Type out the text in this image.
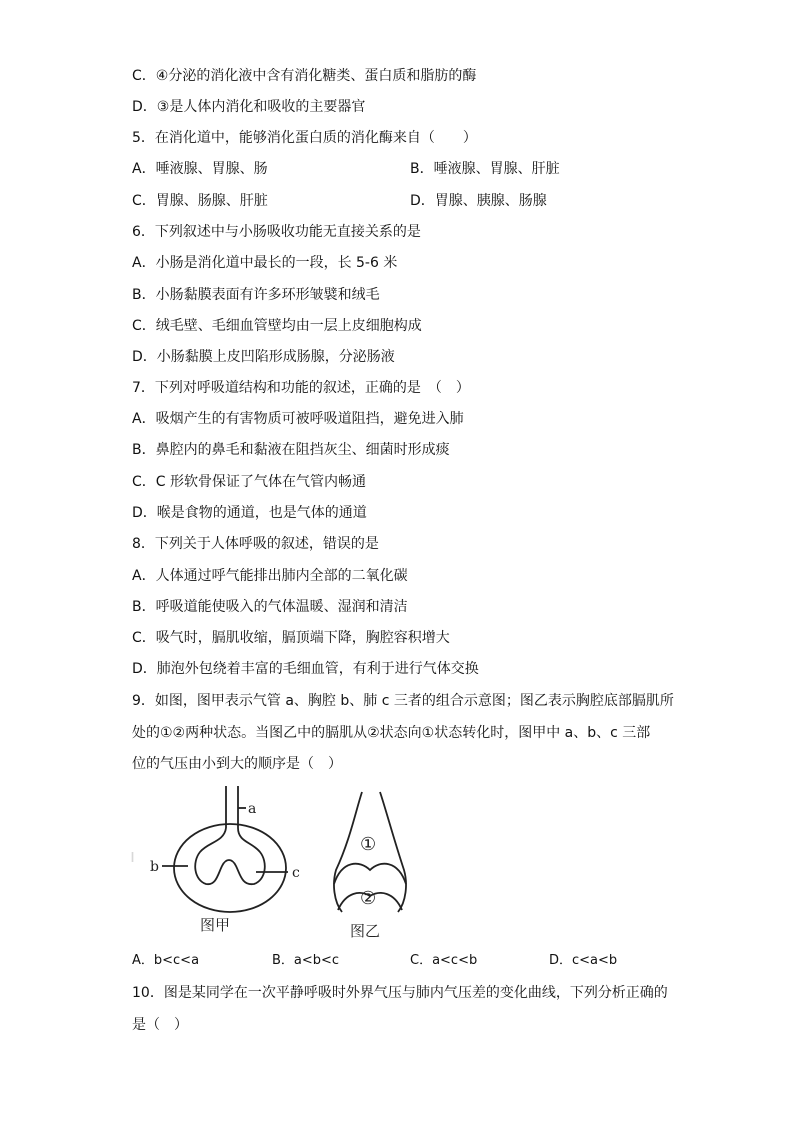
C．④分泌的消化液中含有消化糖类、蛋白质和脂肪的酶
D．③是人体内消化和吸收的主要器官
5．在消化道中，能够消化蛋白质的消化酶来自（　　）
A．唾液腺、胃腺、肠	B．唾液腺、胃腺、肝脏
C．胃腺、肠腺、肝脏	D．胃腺、胰腺、肠腺
6．下列叙述中与小肠吸收功能无直接关系的是
A．小肠是消化道中最长的一段，长 5-6 米
B．小肠黏膜表面有许多环形皱襞和绒毛
C．绒毛壁、毛细血管壁均由一层上皮细胞构成
D．小肠黏膜上皮凹陷形成肠腺，分泌肠液
7．下列对呼吸道结构和功能的叙述，正确的是　（　）
A．吸烟产生的有害物质可被呼吸道阻挡，避免进入肺
B．鼻腔内的鼻毛和黏液在阻挡灰尘、细菌时形成痰
C．C 形软骨保证了气体在气管内畅通
D．喉是食物的通道，也是气体的通道
8．下列关于人体呼吸的叙述，错误的是
A．人体通过呼气能排出肺内全部的二氧化碳
B．呼吸道能使吸入的气体温暖、湿润和清洁
C．吸气时，膈肌收缩，膈顶端下降，胸腔容积增大
D．肺泡外包绕着丰富的毛细血管，有利于进行气体交换
9．如图，图甲表示气管 a、胸腔 b、肺 c 三者的组合示意图；图乙表示胸腔底部膈肌所
处的①②两种状态。当图乙中的膈肌从②状态向①状态转化时，图甲中 a、b、c 三部
位的气压由小到大的顺序是（　）
ı
a
b	c
图甲
①
②
图乙
A．b<c<a	B．a<b<c	C．a<c<b	D．c<a<b
10．图是某同学在一次平静呼吸时外界气压与肺内气压差的变化曲线，下列分析正确的
是（　）
